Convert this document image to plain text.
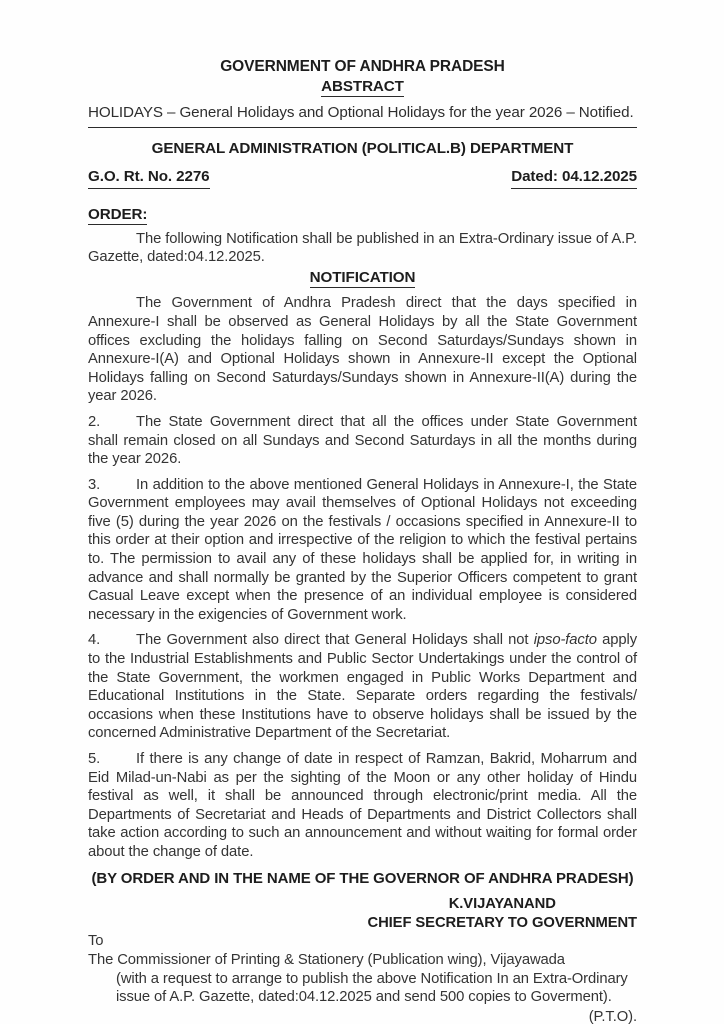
GOVERNMENT OF ANDHRA PRADESH
ABSTRACT
HOLIDAYS – General Holidays and Optional Holidays for the year 2026 – Notified.
GENERAL ADMINISTRATION (POLITICAL.B) DEPARTMENT
G.O. Rt. No. 2276	Dated: 04.12.2025
ORDER:

The following Notification shall be published in an Extra-Ordinary issue of A.P. Gazette, dated:04.12.2025.

NOTIFICATION

The Government of Andhra Pradesh direct that the days specified in Annexure-I shall be observed as General Holidays by all the State Government offices excluding the holidays falling on Second Saturdays/Sundays shown in Annexure-I(A) and Optional Holidays shown in Annexure-II except the Optional Holidays falling on Second Saturdays/Sundays shown in Annexure-II(A) during the year 2026.

2. The State Government direct that all the offices under State Government shall remain closed on all Sundays and Second Saturdays in all the months during the year 2026.

3. In addition to the above mentioned General Holidays in Annexure-I, the State Government employees may avail themselves of Optional Holidays not exceeding five (5) during the year 2026 on the festivals / occasions specified in Annexure-II to this order at their option and irrespective of the religion to which the festival pertains to. The permission to avail any of these holidays shall be applied for, in writing in advance and shall normally be granted by the Superior Officers competent to grant Casual Leave except when the presence of an individual employee is considered necessary in the exigencies of Government work.

4. The Government also direct that General Holidays shall not ipso-facto apply to the Industrial Establishments and Public Sector Undertakings under the control of the State Government, the workmen engaged in Public Works Department and Educational Institutions in the State. Separate orders regarding the festivals/ occasions when these Institutions have to observe holidays shall be issued by the concerned Administrative Department of the Secretariat.

5. If there is any change of date in respect of Ramzan, Bakrid, Moharrum and Eid Milad-un-Nabi as per the sighting of the Moon or any other holiday of Hindu festival as well, it shall be announced through electronic/print media. All the Departments of Secretariat and Heads of Departments and District Collectors shall take action according to such an announcement and without waiting for formal order about the change of date.

(BY ORDER AND IN THE NAME OF THE GOVERNOR OF ANDHRA PRADESH)
K.VIJAYANAND
CHIEF SECRETARY TO GOVERNMENT
To
The Commissioner of Printing & Stationery (Publication wing), Vijayawada
(with a request to arrange to publish the above Notification In an Extra-Ordinary
issue of A.P. Gazette, dated:04.12.2025 and send 500 copies to Goverment).
(P.T.O).
